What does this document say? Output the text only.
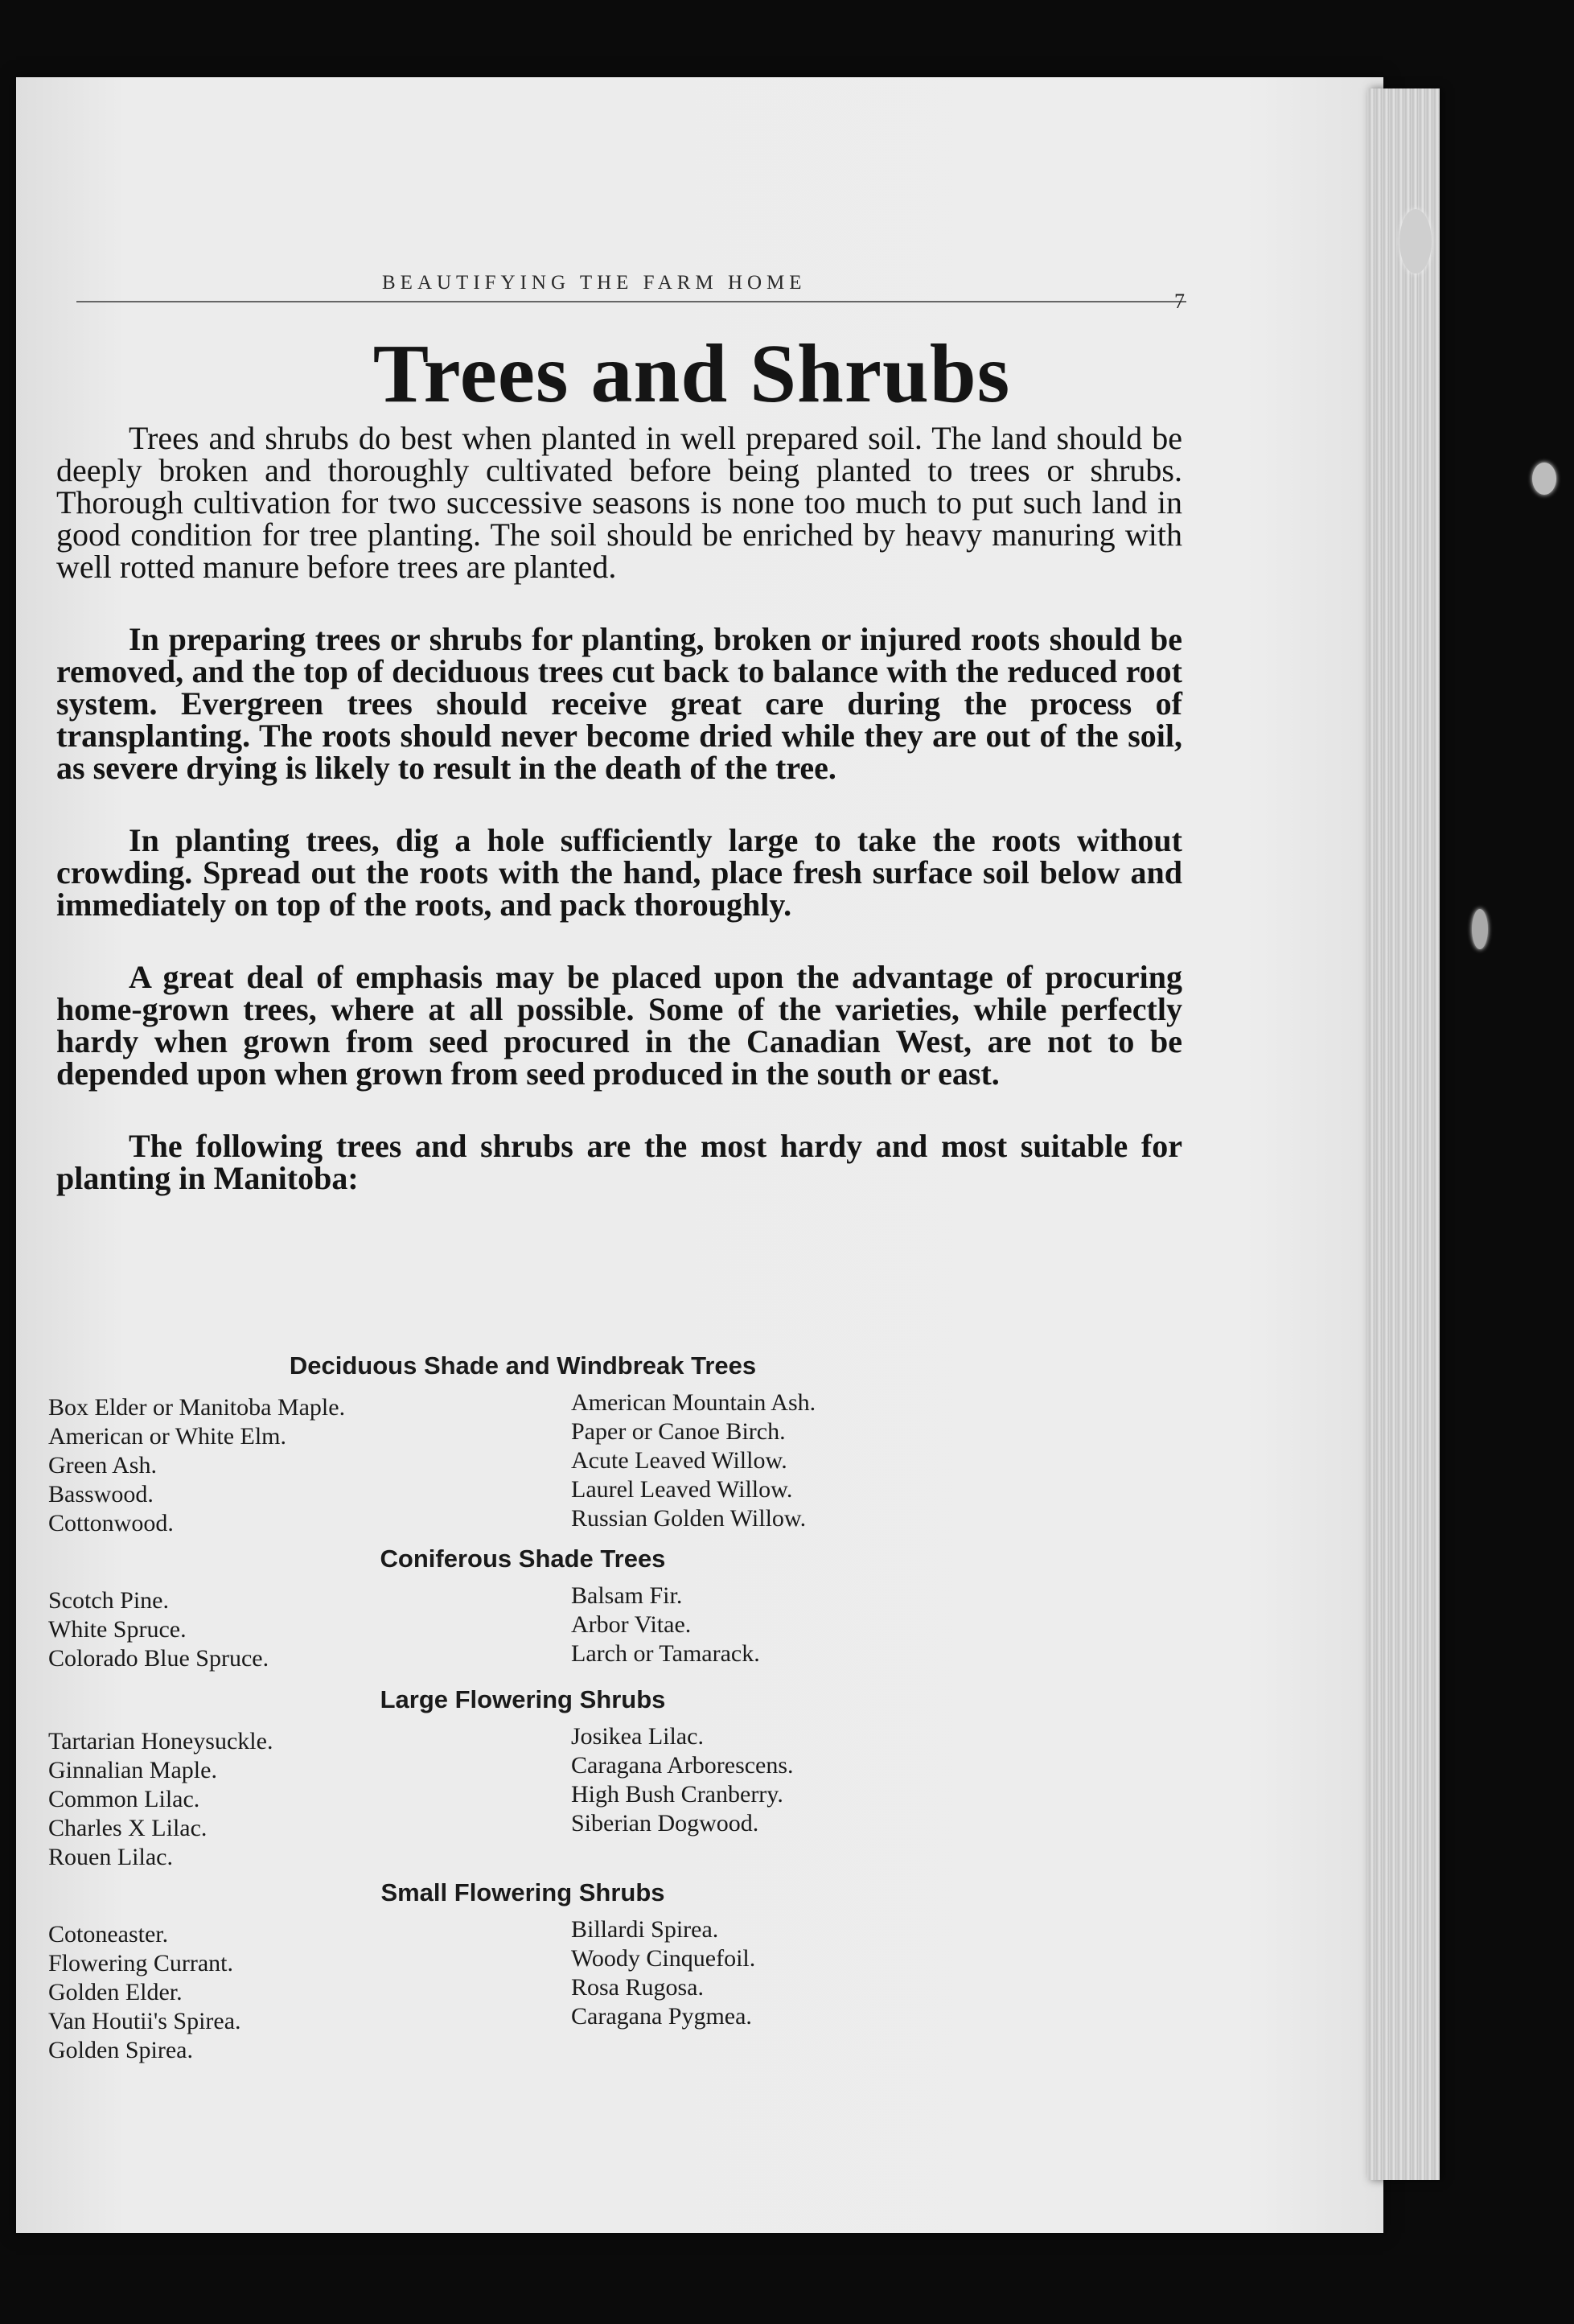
BEAUTIFYING THE FARM HOME
7
Trees and Shrubs

Trees and shrubs do best when planted in well prepared soil. The land should be deeply broken and thoroughly cultivated before being planted to trees or shrubs. Thorough cultivation for two successive seasons is none too much to put such land in good condition for tree planting. The soil should be enriched by heavy manuring with well rotted manure before trees are planted.

In preparing trees or shrubs for planting, broken or injured roots should be removed, and the top of deciduous trees cut back to balance with the reduced root system. Evergreen trees should receive great care during the process of transplanting. The roots should never become dried while they are out of the soil, as severe drying is likely to result in the death of the tree.

In planting trees, dig a hole sufficiently large to take the roots without crowding. Spread out the roots with the hand, place fresh surface soil below and immediately on top of the roots, and pack thoroughly.

A great deal of emphasis may be placed upon the advantage of procuring home-grown trees, where at all possible. Some of the varieties, while perfectly hardy when grown from seed procured in the Canadian West, are not to be depended upon when grown from seed produced in the south or east.

The following trees and shrubs are the most hardy and most suitable for planting in Manitoba:

Deciduous Shade and Windbreak Trees
Box Elder or Manitoba Maple.
American or White Elm.
Green Ash.
Basswood.
Cottonwood.
American Mountain Ash.
Paper or Canoe Birch.
Acute Leaved Willow.
Laurel Leaved Willow.
Russian Golden Willow.
Coniferous Shade Trees
Scotch Pine.
White Spruce.
Colorado Blue Spruce.
Balsam Fir.
Arbor Vitae.
Larch or Tamarack.
Large Flowering Shrubs
Tartarian Honeysuckle.
Ginnalian Maple.
Common Lilac.
Charles X Lilac.
Rouen Lilac.
Josikea Lilac.
Caragana Arborescens.
High Bush Cranberry.
Siberian Dogwood.
Small Flowering Shrubs
Cotoneaster.
Flowering Currant.
Golden Elder.
Van Houtii's Spirea.
Golden Spirea.
Billardi Spirea.
Woody Cinquefoil.
Rosa Rugosa.
Caragana Pygmea.
